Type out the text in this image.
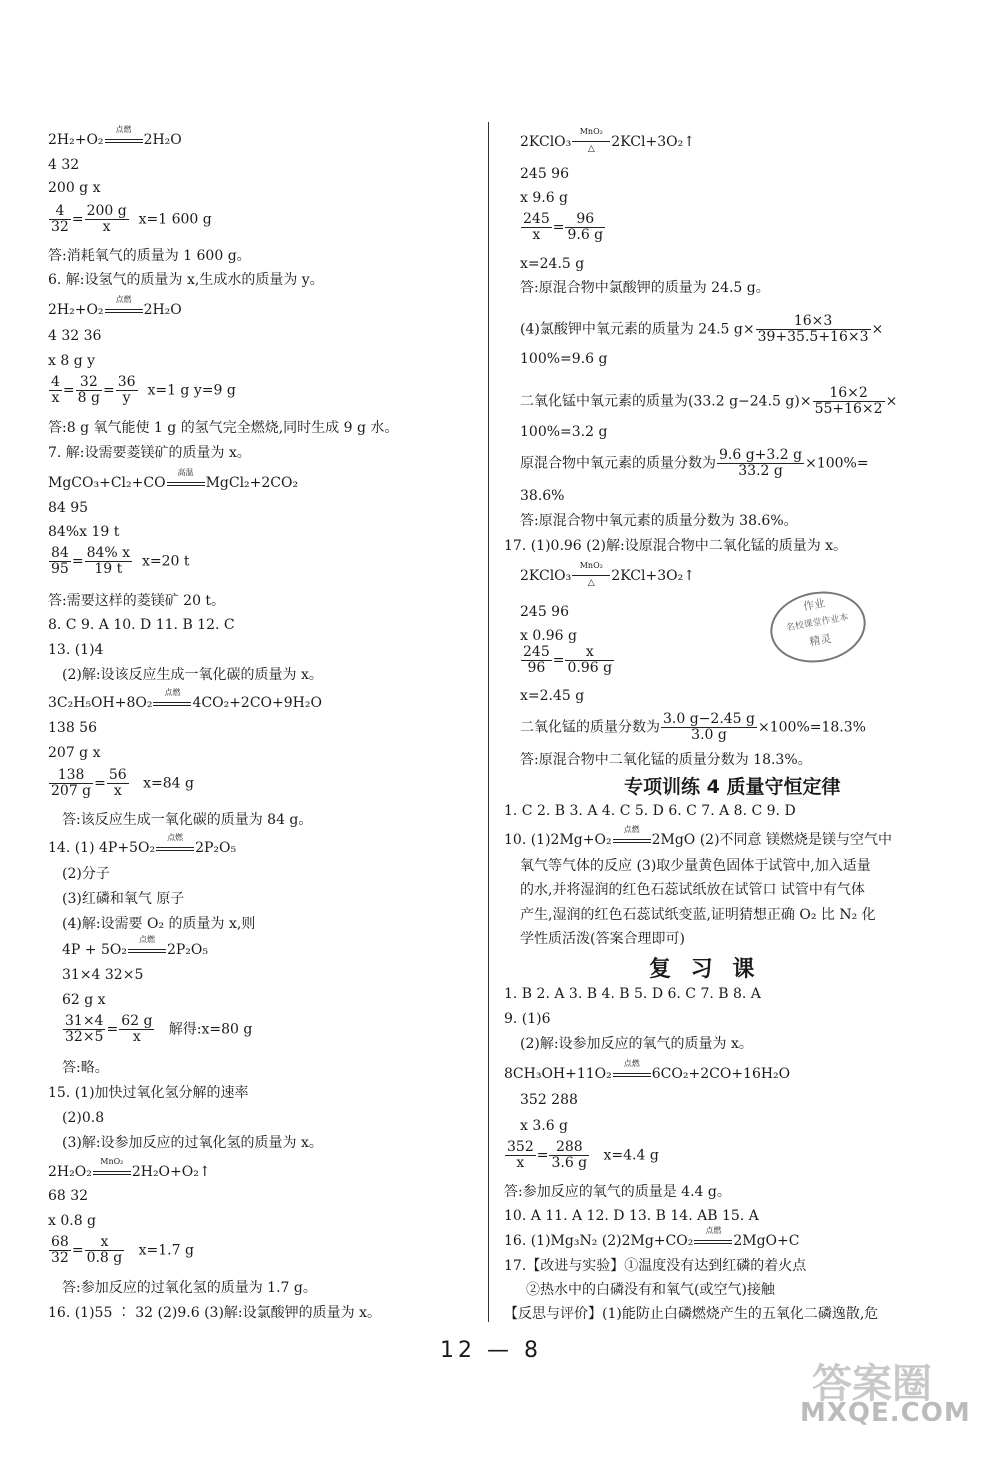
2H₂+O₂
点燃
2H₂O
4 32
200 g x
$\frac{4}{32} = \frac{200 g}{x} x=1$ 600 g
答:消耗氧气的质量为 1 600 g。
6. 解:设氢气的质量为 x,生成水的质量为 y。
2H₂+O₂
点燃
2H₂O
4 32 36
x 8 g y
$\frac{4}{x} = \frac{32}{8 g} = \frac{36}{y} x=1$ g y=9 g
答:8 g 氧气能使 1 g 的氢气完全燃烧,同时生成 9 g 水。
7. 解:设需要菱镁矿的质量为 x。
MgCO₃+Cl₂+CO
高温
MgCl₂+2CO₂
84 95
84%x 19 t
$\frac{84}{95} = \frac{84\% x}{19 t} x=20$ t
答:需要这样的菱镁矿 20 t。
8. C 9. A 10. D 11. B 12. C
13. (1)4
(2)解:设该反应生成一氧化碳的质量为 x。
3C₂H₅OH+8O₂
点燃
4CO₂+2CO+9H₂O
138 56
207 g x
$\frac{138}{207 g} = \frac{56}{x} x=84$ g
答:该反应生成一氧化碳的质量为 84 g。
14. (1) 4P+5O₂
点燃
2P₂O₅
(2)分子
(3)红磷和氧气 原子
(4)解:设需要 O₂ 的质量为 x,则
4P + 5O₂
点燃
2P₂O₅
31×4 32×5
62 g x
$\frac{31\times 4}{32\times 5} = \frac{62 g}{x}$ 解得:x=80 g
答:略。
15. (1)加快过氧化氢分解的速率
(2)0.8
(3)解:设参加反应的过氧化氢的质量为 x。
2H₂O₂
MnO₂
2H₂O+O₂↑
68 32
x 0.8 g
$\frac{68}{32} = \frac{x}{0.8 g} x=1.7$ g
答:参加反应的过氧化氢的质量为 1.7 g。
16. (1)55 ∶ 32 (2)9.6 (3)解:设氯酸钾的质量为 x。
2KClO₃
MnO₂
△	2KCl+3O₂↑
245 96
x 9.6 g
$\frac{245}{x} = \frac{96}{9.6 g}$
x=24.5 g
答:原混合物中氯酸钾的质量为 24.5 g。
(4)氯酸钾中氧元素的质量为 24.5 $g\times \frac{16\times 3}{39+35.5+16\times 3}$ ×
100%=9.6 g
二氧化锰中氧元素的质量为(33.2 g−24.5 $g)\times \frac{16\times 2}{55+16\times 2}$ ×
100%=3.2 g
原混合物中氧元素的质量分数为 $\frac{9.6 g+3.2 g}{33.2 g} \times 100\%=$
38.6%
答:原混合物中氧元素的质量分数为 38.6%。
17. (1)0.96 (2)解:设原混合物中二氧化锰的质量为 x。
2KClO₃
MnO₂
△	2KCl+3O₂↑
245 96
x 0.96 g
$\frac{245}{96} = \frac{x}{0.96 g}$
x=2.45 g
二氧化锰的质量分数为 $\frac{3.0 g-2.45 g}{3.0 g} \times 100\%=18.3\%$
答:原混合物中二氧化锰的质量分数为 18.3%。
专项训练 4 质量守恒定律
1. C 2. B 3. A 4. C 5. D 6. C 7. A 8. C 9. D
10. (1)2Mg+O₂
点燃
2MgO (2)不同意 镁燃烧是镁与空气中
氧气等气体的反应 (3)取少量黄色固体于试管中,加入适量
的水,并将湿润的红色石蕊试纸放在试管口 试管中有气体
产生,湿润的红色石蕊试纸变蓝,证明猜想正确 O₂ 比 N₂ 化
学性质活泼(答案合理即可)
复 习 课
1. B 2. A 3. B 4. B 5. D 6. C 7. B 8. A
9. (1)6
(2)解:设参加反应的氧气的质量为 x。
8CH₃OH+11O₂
点燃
6CO₂+2CO+16H₂O
352 288
x 3.6 g
$\frac{352}{x} = \frac{288}{3.6 g} x=4.4$ g
答:参加反应的氧气的质量是 4.4 g。
10. A 11. A 12. D 13. B 14. AB 15. A
16. (1)Mg₃N₂ (2)2Mg+CO₂
点燃
2MgO+C
17.【改进与实验】①温度没有达到红磷的着火点
②热水中的白磷没有和氧气(或空气)接触
【反思与评价】(1)能防止白磷燃烧产生的五氧化二磷逸散,危
作业
名校课堂作业本
精灵
12 — 8
答案圈
MXQE.COM
